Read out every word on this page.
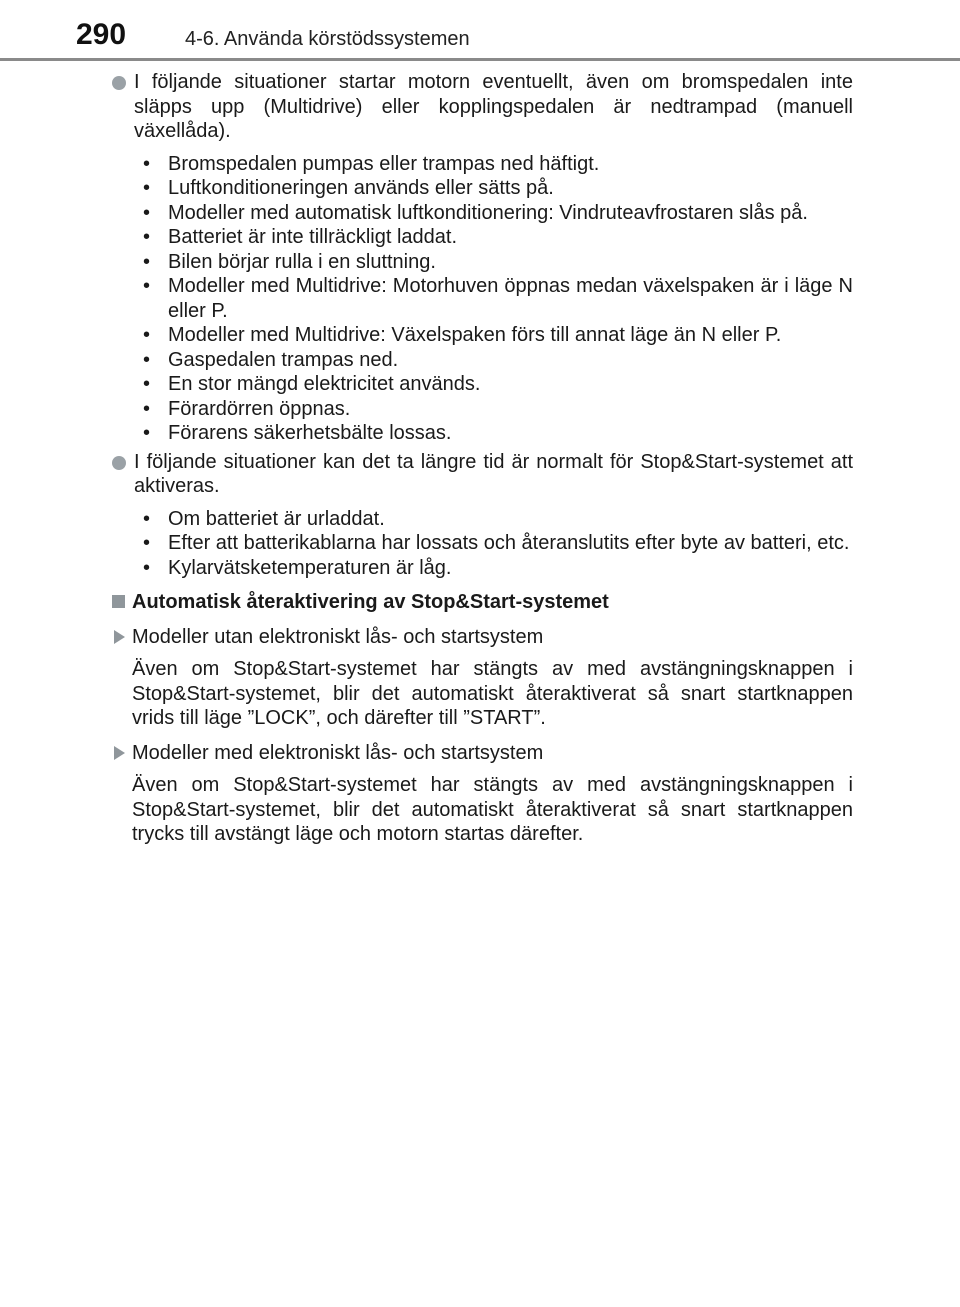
290	4-6. Använda körstödssystemen
I följande situationer startar motorn eventuellt, även om bromspedalen inte släpps upp (Multidrive) eller kopplingspedalen är nedtrampad (manuell växellåda).
• Bromspedalen pumpas eller trampas ned häftigt.
• Luftkonditioneringen används eller sätts på.
• Modeller med automatisk luftkonditionering: Vindruteavfrostaren slås på.
• Batteriet är inte tillräckligt laddat.
• Bilen börjar rulla i en sluttning.
• Modeller med Multidrive: Motorhuven öppnas medan växelspaken är i läge N eller P.
• Modeller med Multidrive: Växelspaken förs till annat läge än N eller P.
• Gaspedalen trampas ned.
• En stor mängd elektricitet används.
• Förardörren öppnas.
• Förarens säkerhetsbälte lossas.
I följande situationer kan det ta längre tid är normalt för Stop&Start-systemet att aktiveras.
• Om batteriet är urladdat.
• Efter att batterikablarna har lossats och återanslutits efter byte av batteri, etc.
• Kylarvätsketemperaturen är låg.
Automatisk återaktivering av Stop&Start-systemet
Modeller utan elektroniskt lås- och startsystem
Även om Stop&Start-systemet har stängts av med avstängningsknappen i Stop&Start-systemet, blir det automatiskt återaktiverat så snart startknappen vrids till läge ”LOCK”, och därefter till ”START”.
Modeller med elektroniskt lås- och startsystem
Även om Stop&Start-systemet har stängts av med avstängningsknappen i Stop&Start-systemet, blir det automatiskt återaktiverat så snart startknappen trycks till avstängt läge och motorn startas därefter.
